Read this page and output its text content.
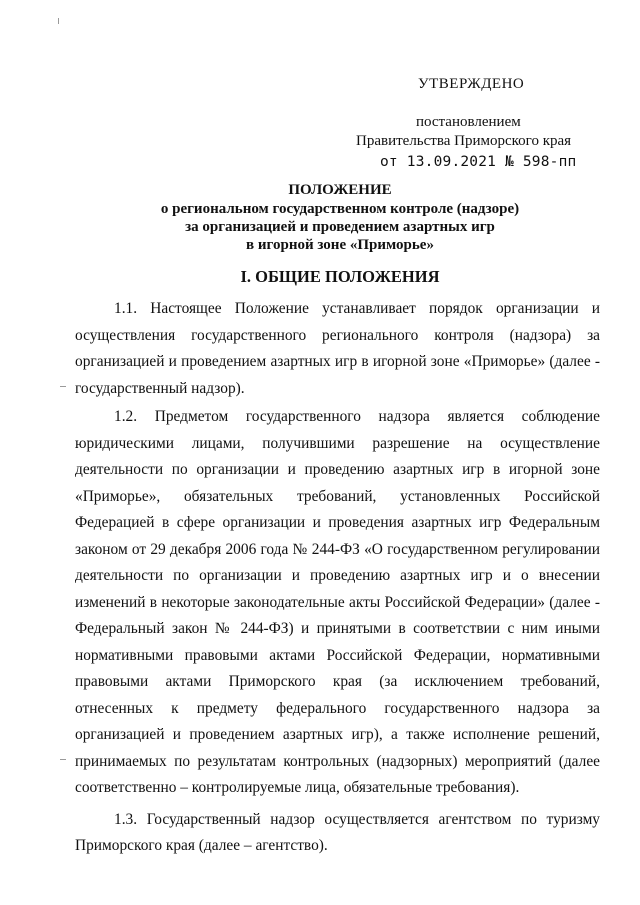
УТВЕРЖДЕНО
постановлением
Правительства Приморского края
от 13.09.2021 № 598-пп
ПОЛОЖЕНИЕ
о региональном государственном контроле (надзоре)
за организацией и проведением азартных игр
в игорной зоне «Приморье»
I. ОБЩИЕ ПОЛОЖЕНИЯ

1.1. Настоящее Положение устанавливает порядок организации и осуществления государственного регионального контроля (надзора) за организацией и проведением азартных игр в игорной зоне «Приморье» (далее - государственный надзор).

1.2. Предметом государственного надзора является соблюдение юридическими лицами, получившими разрешение на осуществление деятельности по организации и проведению азартных игр в игорной зоне «Приморье», обязательных требований, установленных Российской Федерацией в сфере организации и проведения азартных игр Федеральным законом от 29 декабря 2006 года № 244-ФЗ «О государственном регулировании деятельности по организации и проведению азартных игр и о внесении изменений в некоторые законодательные акты Российской Федерации» (далее - Федеральный закон № 244-ФЗ) и принятыми в соответствии с ним иными нормативными правовыми актами Российской Федерации, нормативными правовыми актами Приморского края (за исключением требований, отнесенных к предмету федерального государственного надзора за организацией и проведением азартных игр), а также исполнение решений, принимаемых по результатам контрольных (надзорных) мероприятий (далее соответственно – контролируемые лица, обязательные требования).

1.3. Государственный надзор осуществляется агентством по туризму Приморского края (далее – агентство).
